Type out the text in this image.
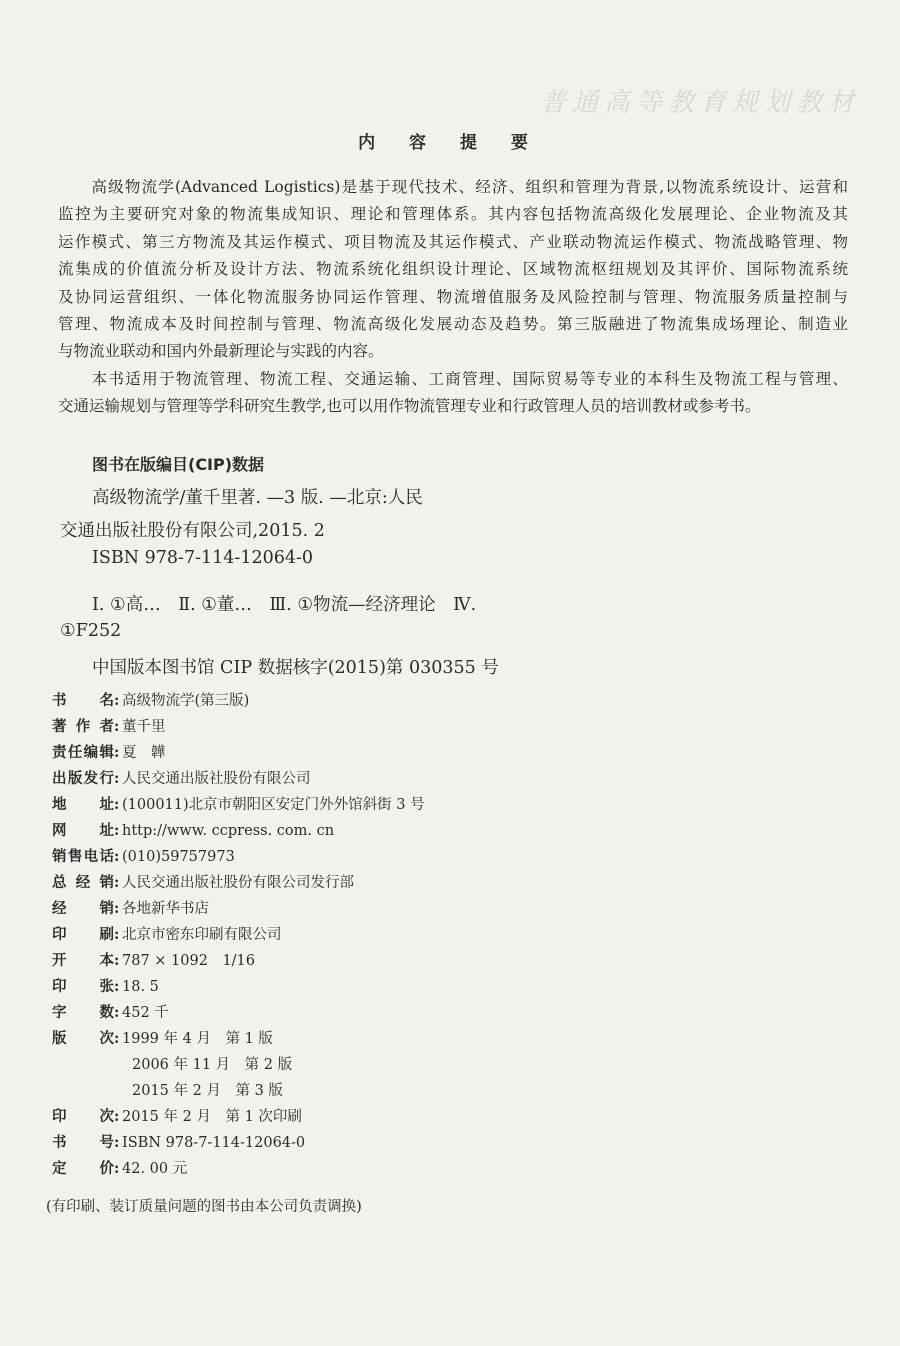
普通高等教育规划教材
内 容 提 要
　　高级物流学(Advanced Logistics)是基于现代技术、经济、组织和管理为背景,以物流系统设计、运营和
监控为主要研究对象的物流集成知识、理论和管理体系。其内容包括物流高级化发展理论、企业物流及其
运作模式、第三方物流及其运作模式、项目物流及其运作模式、产业联动物流运作模式、物流战略管理、物
流集成的价值流分析及设计方法、物流系统化组织设计理论、区域物流枢纽规划及其评价、国际物流系统
及协同运营组织、一体化物流服务协同运作管理、物流增值服务及风险控制与管理、物流服务质量控制与
管理、物流成本及时间控制与管理、物流高级化发展动态及趋势。第三版融进了物流集成场理论、制造业
与物流业联动和国内外最新理论与实践的内容。
　　本书适用于物流管理、物流工程、交通运输、工商管理、国际贸易等专业的本科生及物流工程与管理、
交通运输规划与管理等学科研究生教学,也可以用作物流管理专业和行政管理人员的培训教材或参考书。
图书在版编目(CIP)数据
高级物流学/董千里著. —3 版. —北京:人民
交通出版社股份有限公司,2015. 2
ISBN 978-7-114-12064-0
Ⅰ. ①高…　Ⅱ. ①董…　Ⅲ. ①物流—经济理论　Ⅳ.
①F252
中国版本图书馆 CIP 数据核字(2015)第 030355 号
书名 : 高级物流学(第三版)
著作者 : 董千里
责任编辑 : 夏　韡
出版发行 : 人民交通出版社股份有限公司
地址 : (100011)北京市朝阳区安定门外外馆斜街 3 号
网址 : http://www. ccpress. com. cn
销售电话 : (010)59757973
总经销 : 人民交通出版社股份有限公司发行部
经销 : 各地新华书店
印刷 : 北京市密东印刷有限公司
开本 : 787 × 1092　1/16
印张 : 18. 5
字数 : 452 千
版次 : 1999 年 4 月　第 1 版
2006 年 11 月　第 2 版
2015 年 2 月　第 3 版
印次 : 2015 年 2 月　第 1 次印刷
书号 : ISBN 978-7-114-12064-0
定价 : 42. 00 元
(有印刷、装订质量问题的图书由本公司负责调换)
